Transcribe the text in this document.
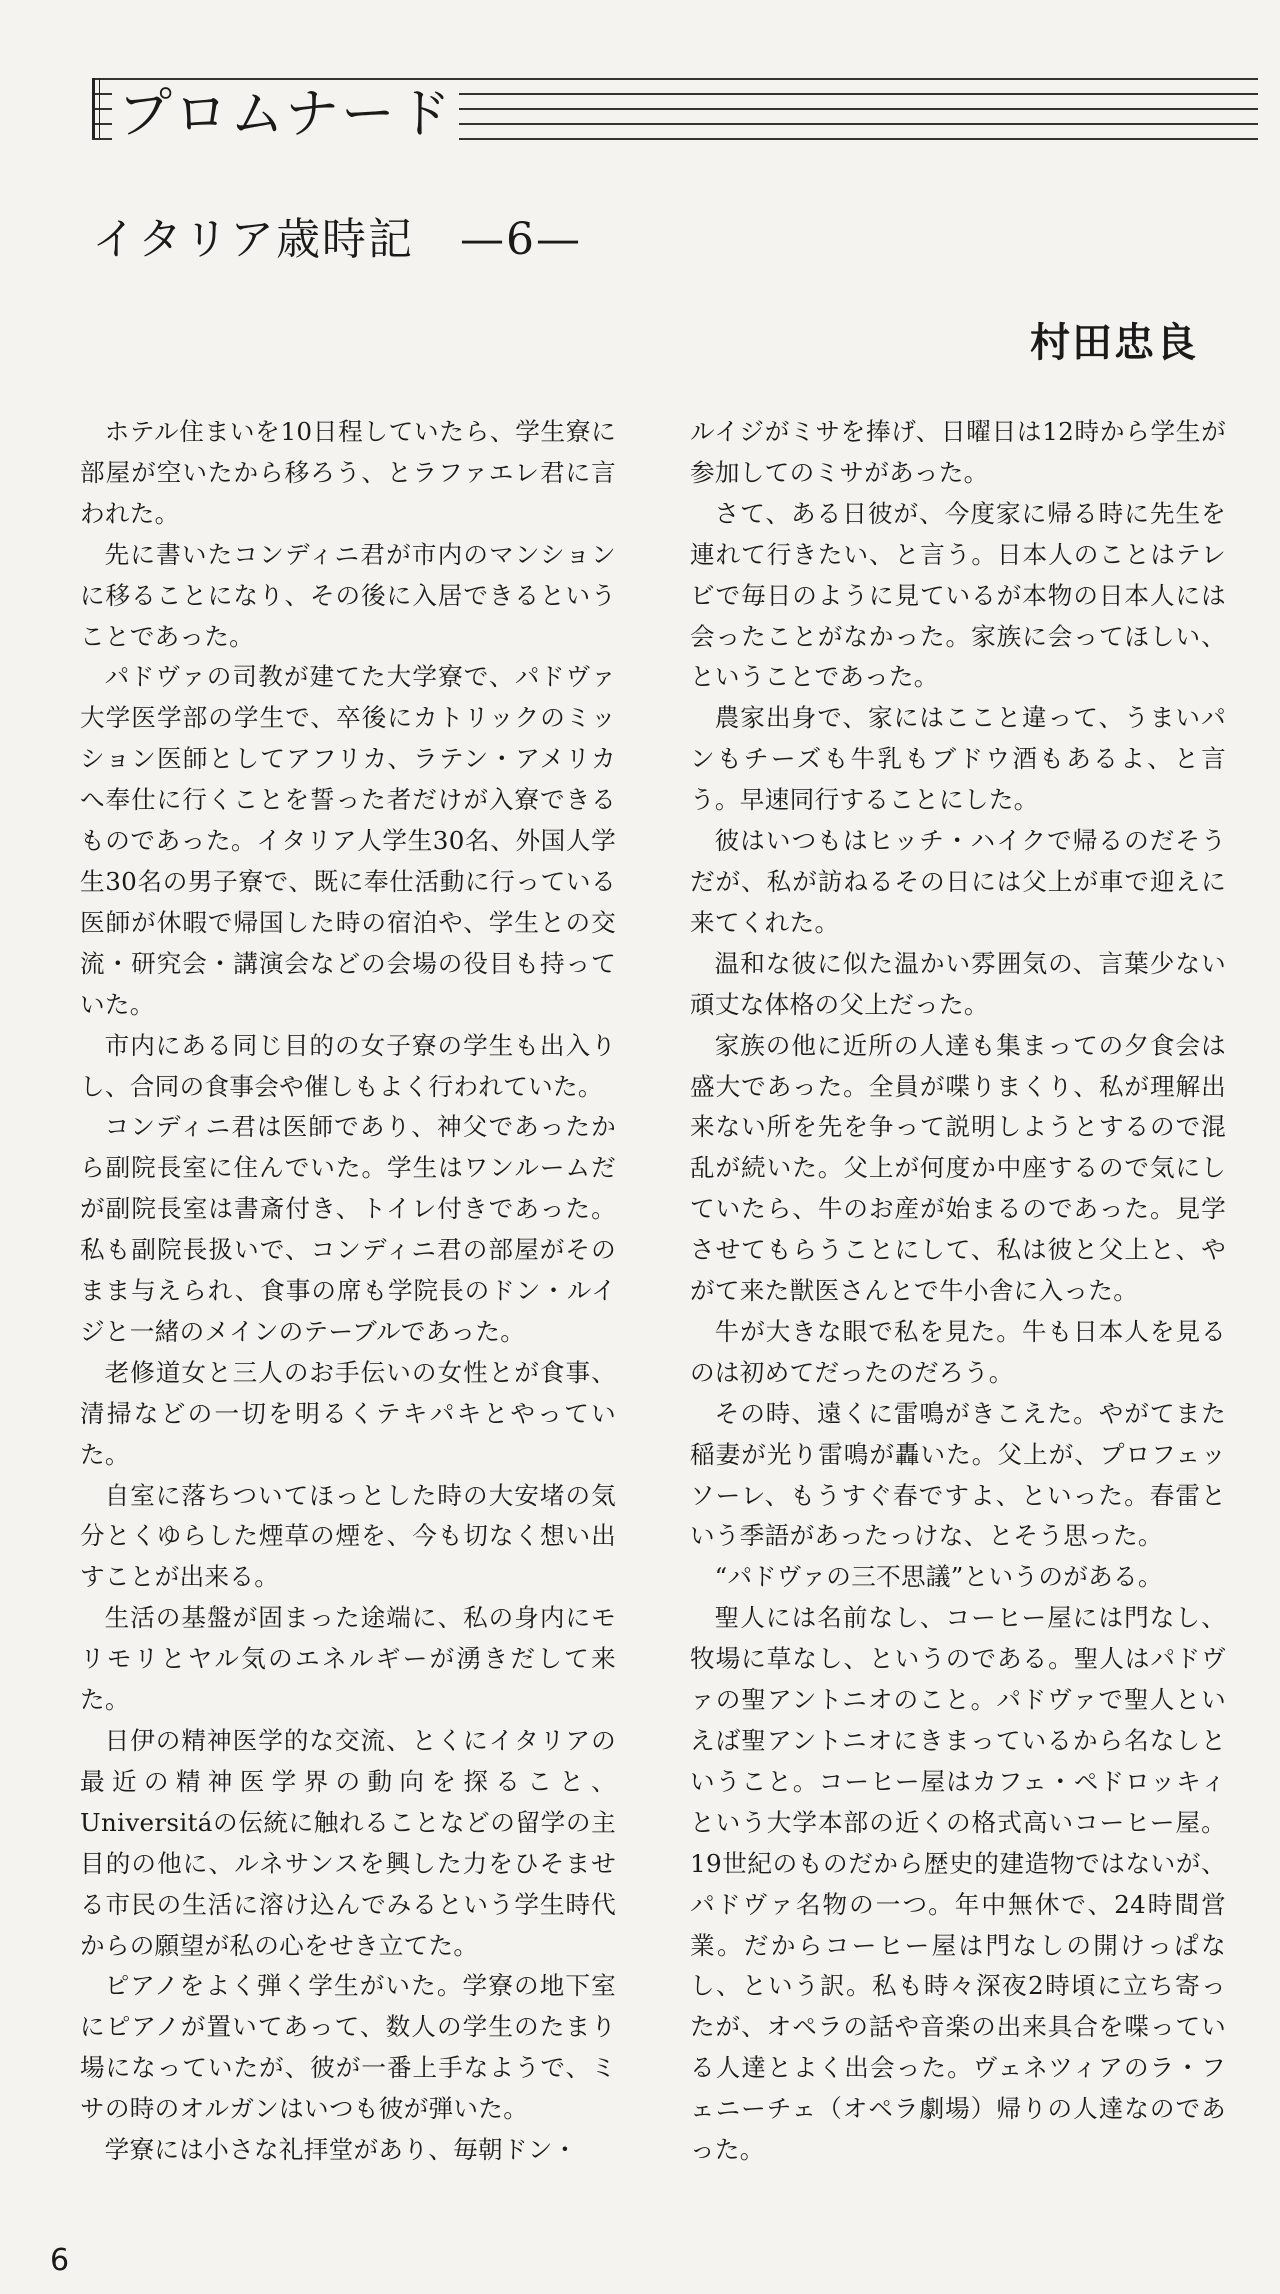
プロムナード
イタリア歳時記　—6—
村田忠良

ホテル住まいを10日程していたら、学生寮に部屋が空いたから移ろう、とラファエレ君に言われた。

先に書いたコンディニ君が市内のマンションに移ることになり、その後に入居できるということであった。

パドヴァの司教が建てた大学寮で、パドヴァ大学医学部の学生で、卒後にカトリックのミッション医師としてアフリカ、ラテン・アメリカへ奉仕に行くことを誓った者だけが入寮できるものであった。イタリア人学生30名、外国人学生30名の男子寮で、既に奉仕活動に行っている医師が休暇で帰国した時の宿泊や、学生との交流・研究会・講演会などの会場の役目も持っていた。

市内にある同じ目的の女子寮の学生も出入りし、合同の食事会や催しもよく行われていた。

コンディニ君は医師であり、神父であったから副院長室に住んでいた。学生はワンルームだが副院長室は書斎付き、トイレ付きであった。私も副院長扱いで、コンディニ君の部屋がそのまま与えられ、食事の席も学院長のドン・ルイジと一緒のメインのテーブルであった。

老修道女と三人のお手伝いの女性とが食事、清掃などの一切を明るくテキパキとやっていた。

自室に落ちついてほっとした時の大安堵の気分とくゆらした煙草の煙を、今も切なく想い出すことが出来る。

生活の基盤が固まった途端に、私の身内にモリモリとヤル気のエネルギーが湧きだして来た。

日伊の精神医学的な交流、とくにイタリアの最近の精神医学界の動向を探ること、Universitáの伝統に触れることなどの留学の主目的の他に、ルネサンスを興した力をひそませる市民の生活に溶け込んでみるという学生時代からの願望が私の心をせき立てた。

ピアノをよく弾く学生がいた。学寮の地下室にピアノが置いてあって、数人の学生のたまり場になっていたが、彼が一番上手なようで、ミサの時のオルガンはいつも彼が弾いた。

学寮には小さな礼拝堂があり、毎朝ドン・

ルイジがミサを捧げ、日曜日は12時から学生が参加してのミサがあった。

さて、ある日彼が、今度家に帰る時に先生を連れて行きたい、と言う。日本人のことはテレビで毎日のように見ているが本物の日本人には会ったことがなかった。家族に会ってほしい、ということであった。

農家出身で、家にはここと違って、うまいパンもチーズも牛乳もブドウ酒もあるよ、と言う。早速同行することにした。

彼はいつもはヒッチ・ハイクで帰るのだそうだが、私が訪ねるその日には父上が車で迎えに来てくれた。

温和な彼に似た温かい雰囲気の、言葉少ない頑丈な体格の父上だった。

家族の他に近所の人達も集まっての夕食会は盛大であった。全員が喋りまくり、私が理解出来ない所を先を争って説明しようとするので混乱が続いた。父上が何度か中座するので気にしていたら、牛のお産が始まるのであった。見学させてもらうことにして、私は彼と父上と、やがて来た獣医さんとで牛小舎に入った。

牛が大きな眼で私を見た。牛も日本人を見るのは初めてだったのだろう。

その時、遠くに雷鳴がきこえた。やがてまた稲妻が光り雷鳴が轟いた。父上が、プロフェッソーレ、もうすぐ春ですよ、といった。春雷という季語があったっけな、とそう思った。

“パドヴァの三不思議”というのがある。

聖人には名前なし、コーヒー屋には門なし、牧場に草なし、というのである。聖人はパドヴァの聖アントニオのこと。パドヴァで聖人といえば聖アントニオにきまっているから名なしということ。コーヒー屋はカフェ・ペドロッキィという大学本部の近くの格式高いコーヒー屋。19世紀のものだから歴史的建造物ではないが、パドヴァ名物の一つ。年中無休で、24時間営業。だからコーヒー屋は門なしの開けっぱなし、という訳。私も時々深夜2時頃に立ち寄ったが、オペラの話や音楽の出来具合を喋っている人達とよく出会った。ヴェネツィアのラ・フェニーチェ（オペラ劇場）帰りの人達なのであった。

6
